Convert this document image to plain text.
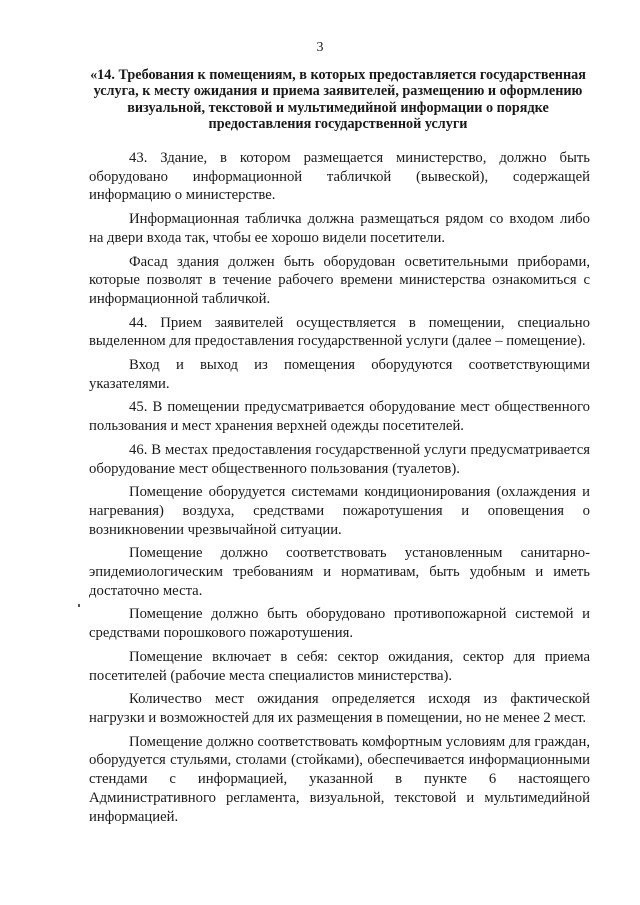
3
«14. Требования к помещениям, в которых предоставляется государственная услуга, к месту ожидания и приема заявителей, размещению и оформлению визуальной, текстовой и мультимедийной информации о порядке предоставления государственной услуги

43. Здание, в котором размещается министерство, должно быть оборудовано информационной табличкой (вывеской), содержащей информацию о министерстве.

Информационная табличка должна размещаться рядом со входом либо на двери входа так, чтобы ее хорошо видели посетители.

Фасад здания должен быть оборудован осветительными приборами, которые позволят в течение рабочего времени министерства ознакомиться с информационной табличкой.

44. Прием заявителей осуществляется в помещении, специально выделенном для предоставления государственной услуги (далее – помещение).

Вход и выход из помещения оборудуются соответствующими указателями.

45. В помещении предусматривается оборудование мест общественного пользования и мест хранения верхней одежды посетителей.

46. В местах предоставления государственной услуги предусматривается оборудование мест общественного пользования (туалетов).

Помещение оборудуется системами кондиционирования (охлаждения и нагревания) воздуха, средствами пожаротушения и оповещения о возникновении чрезвычайной ситуации.

Помещение должно соответствовать установленным санитарно-эпидемиологическим требованиям и нормативам, быть удобным и иметь достаточно места.

Помещение должно быть оборудовано противопожарной системой и средствами порошкового пожаротушения.

Помещение включает в себя: сектор ожидания, сектор для приема посетителей (рабочие места специалистов министерства).

Количество мест ожидания определяется исходя из фактической нагрузки и возможностей для их размещения в помещении, но не менее 2 мест.

Помещение должно соответствовать комфортным условиям для граждан, оборудуется стульями, столами (стойками), обеспечивается информационными стендами с информацией, указанной в пункте 6 настоящего Административного регламента, визуальной, текстовой и мультимедийной информацией.
